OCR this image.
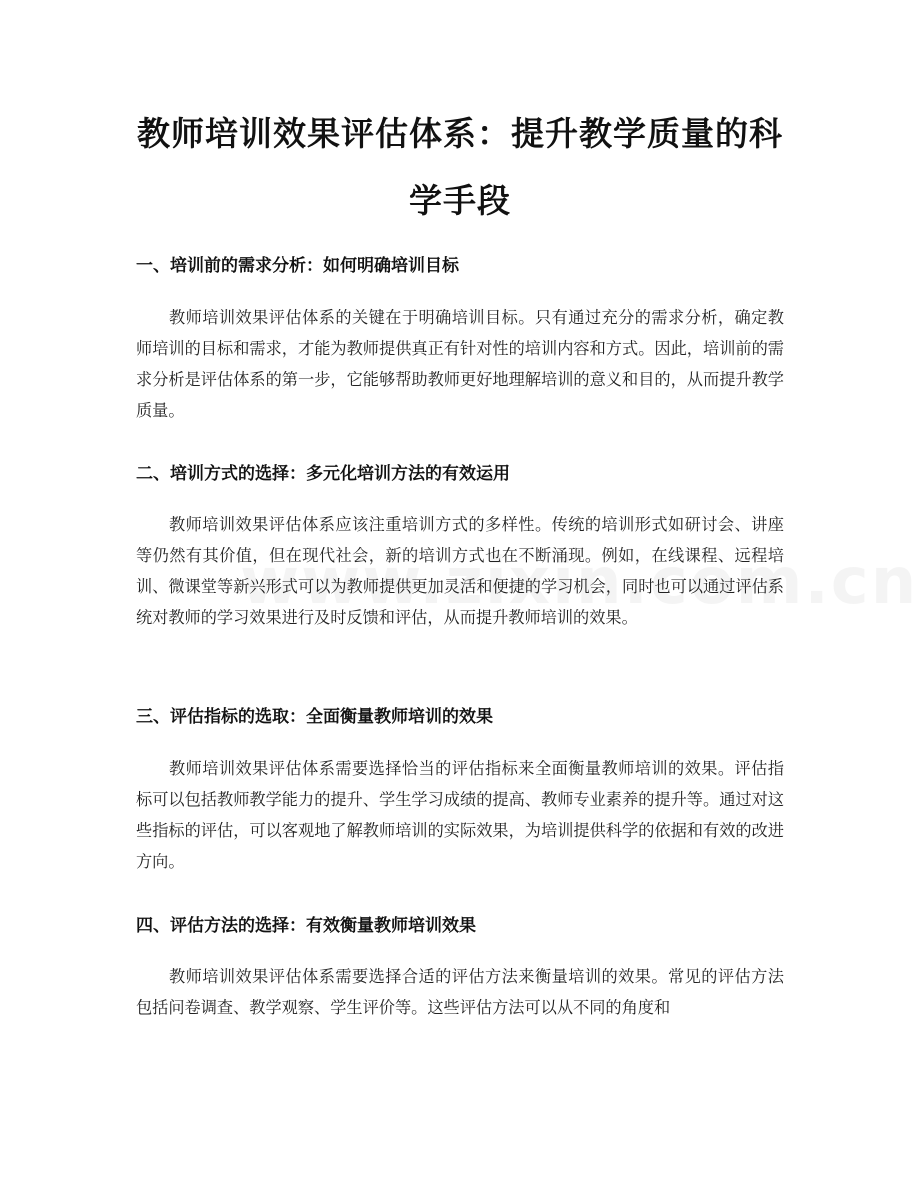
教师培训效果评估体系：提升教学质量的科学手段
一、培训前的需求分析：如何明确培训目标

教师培训效果评估体系的关键在于明确培训目标。只有通过充分的需求分析，确定教师培训的目标和需求，才能为教师提供真正有针对性的培训内容和方式。因此，培训前的需求分析是评估体系的第一步，它能够帮助教师更好地理解培训的意义和目的，从而提升教学质量。

二、培训方式的选择：多元化培训方法的有效运用

教师培训效果评估体系应该注重培训方式的多样性。传统的培训形式如研讨会、讲座等仍然有其价值，但在现代社会，新的培训方式也在不断涌现。例如，在线课程、远程培训、微课堂等新兴形式可以为教师提供更加灵活和便捷的学习机会，同时也可以通过评估系统对教师的学习效果进行及时反馈和评估，从而提升教师培训的效果。

三、评估指标的选取：全面衡量教师培训的效果

教师培训效果评估体系需要选择恰当的评估指标来全面衡量教师培训的效果。评估指标可以包括教师教学能力的提升、学生学习成绩的提高、教师专业素养的提升等。通过对这些指标的评估，可以客观地了解教师培训的实际效果，为培训提供科学的依据和有效的改进方向。

四、评估方法的选择：有效衡量教师培训效果

教师培训效果评估体系需要选择合适的评估方法来衡量培训的效果。常见的评估方法包括问卷调查、教学观察、学生评价等。这些评估方法可以从不同的角度和
